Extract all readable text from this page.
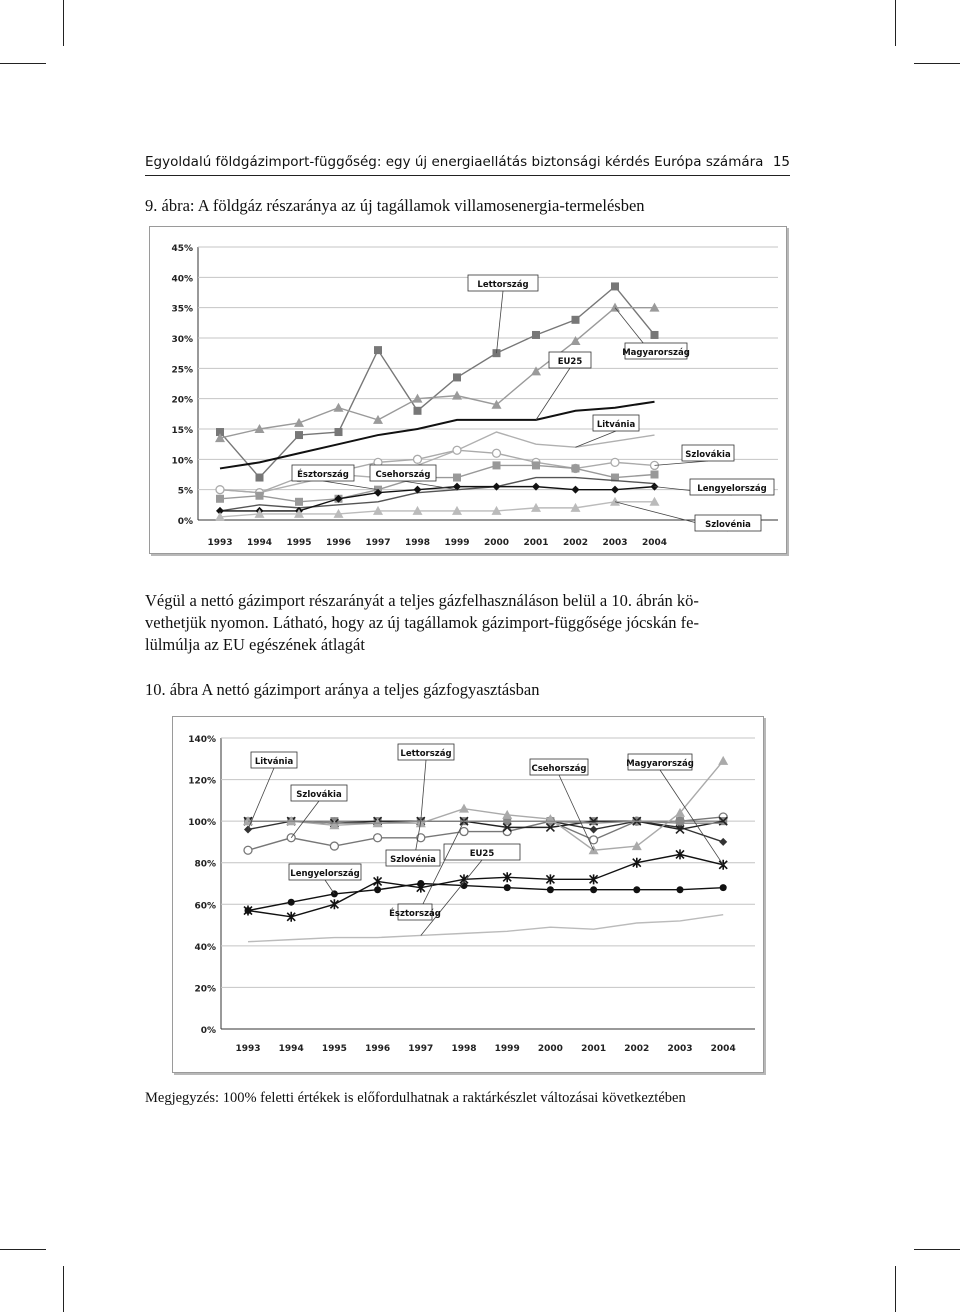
Egyoldalú földgázimport-függőség: egy új energiaellátás biztonsági kérdés Európa számára 15
9. ábra: A földgáz részaránya az új tagállamok villamosenergia-termelésben
0%
5%
10%
15%
20%
25%
30%
35%
40%
45%
1993 1994 1995 1996 1997 1998 1999 2000 2001 2002 2003 2004
Lettország
EU25
Magyarország
Litvánia
Szlovákia
Észtország	Csehország
Lengyelország
Szlovénia
Végül a nettó gázimport részarányát a teljes gázfelhasználáson belül a 10. ábrán kö-
vethetjük nyomon. Látható, hogy az új tagállamok gázimport-függősége jócskán fe-
lülmúlja az EU egészének átlagát
10. ábra A nettó gázimport aránya a teljes gázfogyasztásban
0%
20%
40%
60%
80%
100%
120%
140%
1993 1994 1995 1996 1997 1998 1999 2000 2001 2002 2003 2004
Litvánia
Lettország
Csehország	Magyarország
Szlovákia
Szlovénia
EU25
Lengyelország
Észtország
Megjegyzés: 100% feletti értékek is előfordulhatnak a raktárkészlet változásai következtében
